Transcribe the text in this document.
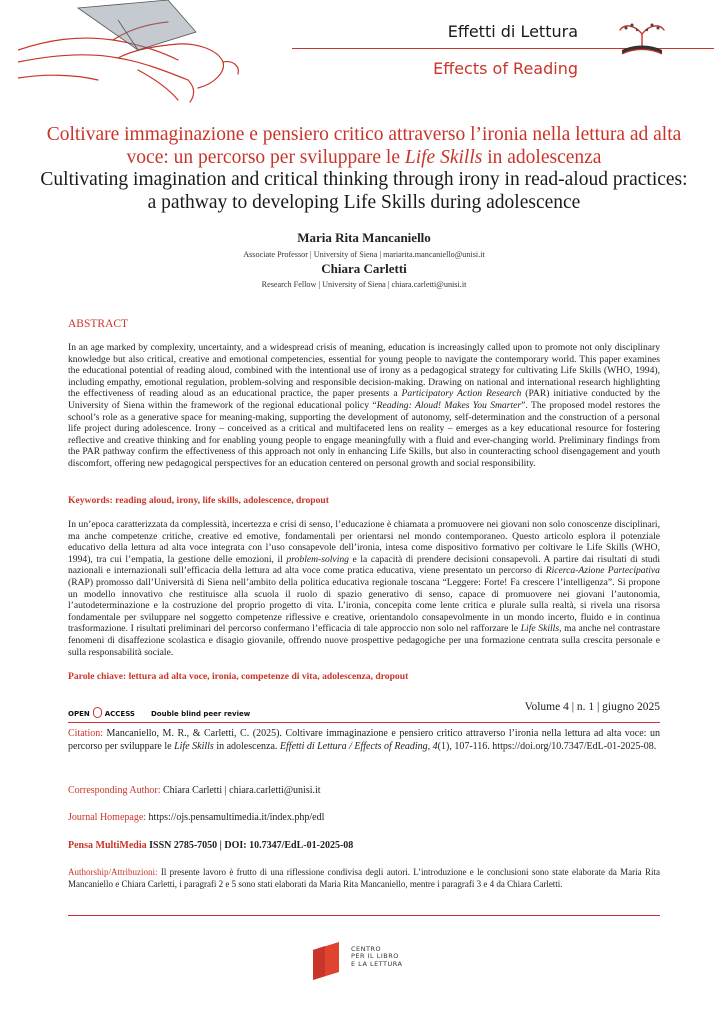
Effetti di Lettura
Effects of Reading
Coltivare immaginazione e pensiero critico attraverso l’ironia nella lettura ad alta voce: un percorso per sviluppare le Life Skills in adolescenza
Cultivating imagination and critical thinking through irony in read-aloud practices: a pathway to developing Life Skills during adolescence
Maria Rita Mancaniello
Associate Professor | University of Siena | mariarita.mancaniello@unisi.it
Chiara Carletti
Research Fellow | University of Siena | chiara.carletti@unisi.it
ABSTRACT
In an age marked by complexity, uncertainty, and a widespread crisis of meaning, education is increasingly called upon to promote not only disciplinary knowledge but also critical, creative and emotional competencies, essential for young people to navigate the contemporary world. This paper examines the educational potential of reading aloud, combined with the intentional use of irony as a pedagogical strategy for cultivating Life Skills (WHO, 1994), including empathy, emotional regulation, problem-solving and responsible decision-making. Drawing on national and international research highlighting the effectiveness of reading aloud as an educational practice, the paper presents a Participatory Action Research (PAR) initiative conducted by the University of Siena within the framework of the regional educational policy “Reading: Aloud! Makes You Smarter”. The proposed model restores the school’s role as a generative space for meaning-making, supporting the development of autonomy, self-determination and the construction of a personal life project during adolescence. Irony – conceived as a critical and multifaceted lens on reality – emerges as a key educational resource for fostering reflective and creative thinking and for enabling young people to engage meaningfully with a fluid and ever-changing world. Preliminary findings from the PAR pathway confirm the effectiveness of this approach not only in enhancing Life Skills, but also in counteracting school disengagement and youth discomfort, offering new pedagogical perspectives for an education centered on personal growth and social responsibility.
Keywords: reading aloud, irony, life skills, adolescence, dropout
In un’epoca caratterizzata da complessità, incertezza e crisi di senso, l’educazione è chiamata a promuovere nei giovani non solo conoscenze disciplinari, ma anche competenze critiche, creative ed emotive, fondamentali per orientarsi nel mondo contemporaneo. Questo articolo esplora il potenziale educativo della lettura ad alta voce integrata con l’uso consapevole dell’ironia, intesa come dispositivo formativo per coltivare le Life Skills (WHO, 1994), tra cui l’empatia, la gestione delle emozioni, il problem-solving e la capacità di prendere decisioni consapevoli. A partire dai risultati di studi nazionali e internazionali sull’efficacia della lettura ad alta voce come pratica educativa, viene presentato un percorso di Ricerca-Azione Partecipativa (RAP) promosso dall’Università di Siena nell’ambito della politica educativa regionale toscana “Leggere: Forte! Fa crescere l’intelligenza”. Si propone un modello innovativo che restituisce alla scuola il ruolo di spazio generativo di senso, capace di promuovere nei giovani l’autonomia, l’autodeterminazione e la costruzione del proprio progetto di vita. L’ironia, concepita come lente critica e plurale sulla realtà, si rivela una risorsa fondamentale per sviluppare nel soggetto competenze riflessive e creative, orientandolo consapevolmente in un mondo incerto, fluido e in continua trasformazione. I risultati preliminari del percorso confermano l’efficacia di tale approccio non solo nel rafforzare le Life Skills, ma anche nel contrastare fenomeni di disaffezione scolastica e disagio giovanile, offrendo nuove prospettive pedagogiche per una formazione centrata sulla crescita personale e sulla responsabilità sociale.
Parole chiave: lettura ad alta voce, ironia, competenze di vita, adolescenza, dropout
OPEN ACCESS Double blind peer review
Volume 4 | n. 1 | giugno 2025
Citation: Mancaniello, M. R., & Carletti, C. (2025). Coltivare immaginazione e pensiero critico attraverso l’ironia nella lettura ad alta voce: un percorso per sviluppare le Life Skills in adolescenza. Effetti di Lettura / Effects of Reading, 4(1), 107-116. https://doi.org/10.7347/EdL-01-2025-08.
Corresponding Author: Chiara Carletti | chiara.carletti@unisi.it
Journal Homepage: https://ojs.pensamultimedia.it/index.php/edl
Pensa MultiMedia ISSN 2785-7050 | DOI: 10.7347/EdL-01-2025-08
Authorship/Attribuzioni: Il presente lavoro è frutto di una riflessione condivisa degli autori. L’introduzione e le conclusioni sono state elaborate da Maria Rita Mancaniello e Chiara Carletti, i paragrafi 2 e 5 sono stati elaborati da Maria Rita Mancaniello, mentre i paragrafi 3 e 4 da Chiara Carletti.
CENTRO
PER IL LIBRO
E LA LETTURA
